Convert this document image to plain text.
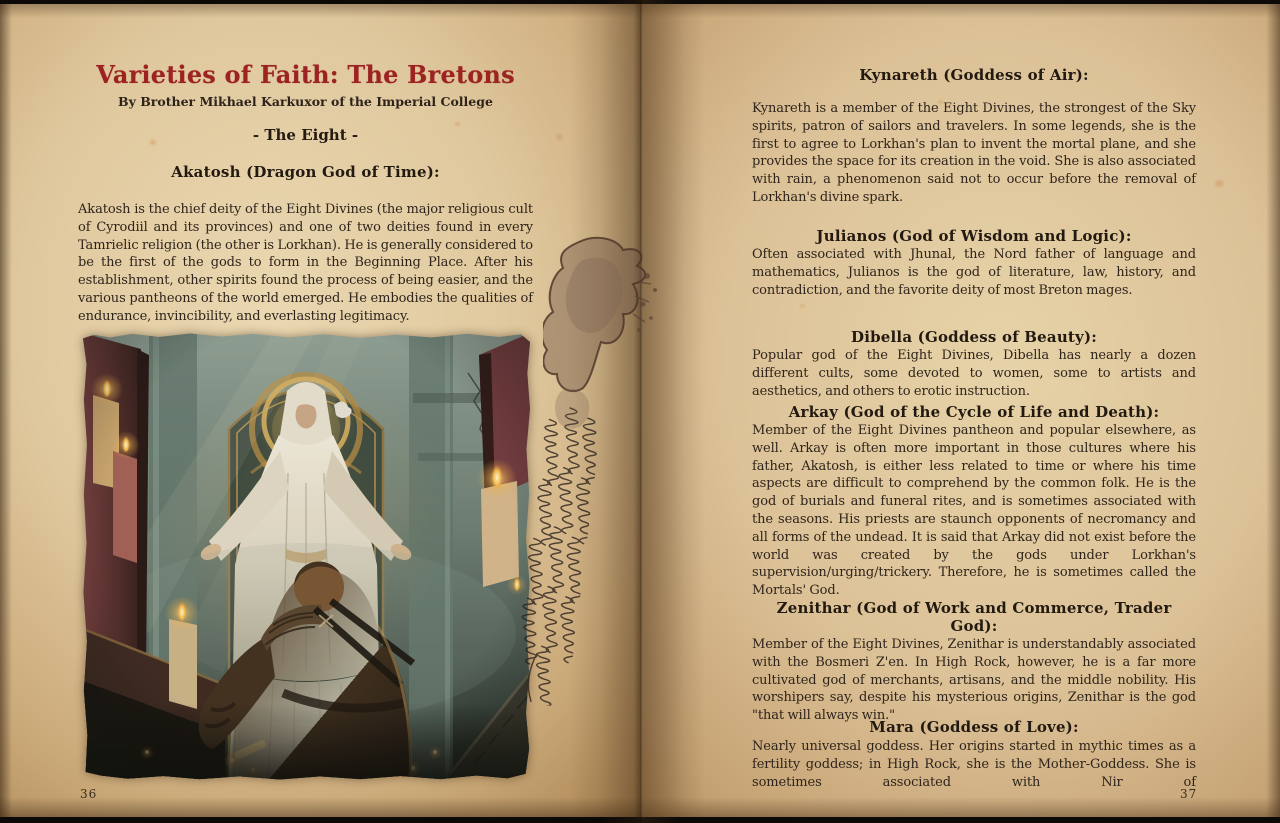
Varieties of Faith: The Bretons
By Brother Mikhael Karkuxor of the Imperial College
- The Eight -
Akatosh (Dragon God of Time):

Akatosh is the chief deity of the Eight Divines (the major religious cult of Cyrodiil and its provinces) and one of two deities found in every Tamrielic religion (the other is Lorkhan). He is generally considered to be the first of the gods to form in the Beginning Place. After his establishment, other spirits found the process of being easier, and the various pantheons of the world emerged. He embodies the qualities of endurance, invincibility, and everlasting legitimacy.

36
Kynareth (Goddess of Air):

Kynareth is a member of the Eight Divines, the strongest of the Sky spirits, patron of sailors and travelers. In some legends, she is the first to agree to Lorkhan's plan to invent the mortal plane, and she provides the space for its creation in the void. She is also associated with rain, a phenomenon said not to occur before the removal of Lorkhan's divine spark.

Julianos (God of Wisdom and Logic):

Often associated with Jhunal, the Nord father of language and mathematics, Julianos is the god of literature, law, history, and contradiction, and the favorite deity of most Breton mages.

Dibella (Goddess of Beauty):

Popular god of the Eight Divines, Dibella has nearly a dozen different cults, some devoted to women, some to artists and aesthetics, and others to erotic instruction.

Arkay (God of the Cycle of Life and Death):

Member of the Eight Divines pantheon and popular elsewhere, as well. Arkay is often more important in those cultures where his father, Akatosh, is either less related to time or where his time aspects are difficult to comprehend by the common folk. He is the god of burials and funeral rites, and is sometimes associated with the seasons. His priests are staunch opponents of necromancy and all forms of the undead. It is said that Arkay did not exist before the world was created by the gods under Lorkhan's supervision/urging/trickery. Therefore, he is sometimes called the Mortals' God.

Zenithar (God of Work and Commerce, Trader God):

Member of the Eight Divines, Zenithar is understandably associated with the Bosmeri Z'en. In High Rock, however, he is a far more cultivated god of merchants, artisans, and the middle nobility. His worshipers say, despite his mysterious origins, Zenithar is the god "that will always win."

Mara (Goddess of Love):

Nearly universal goddess. Her origins started in mythic times as a fertility goddess; in High Rock, she is the Mother-Goddess. She is sometimes associated with Nir of

37
